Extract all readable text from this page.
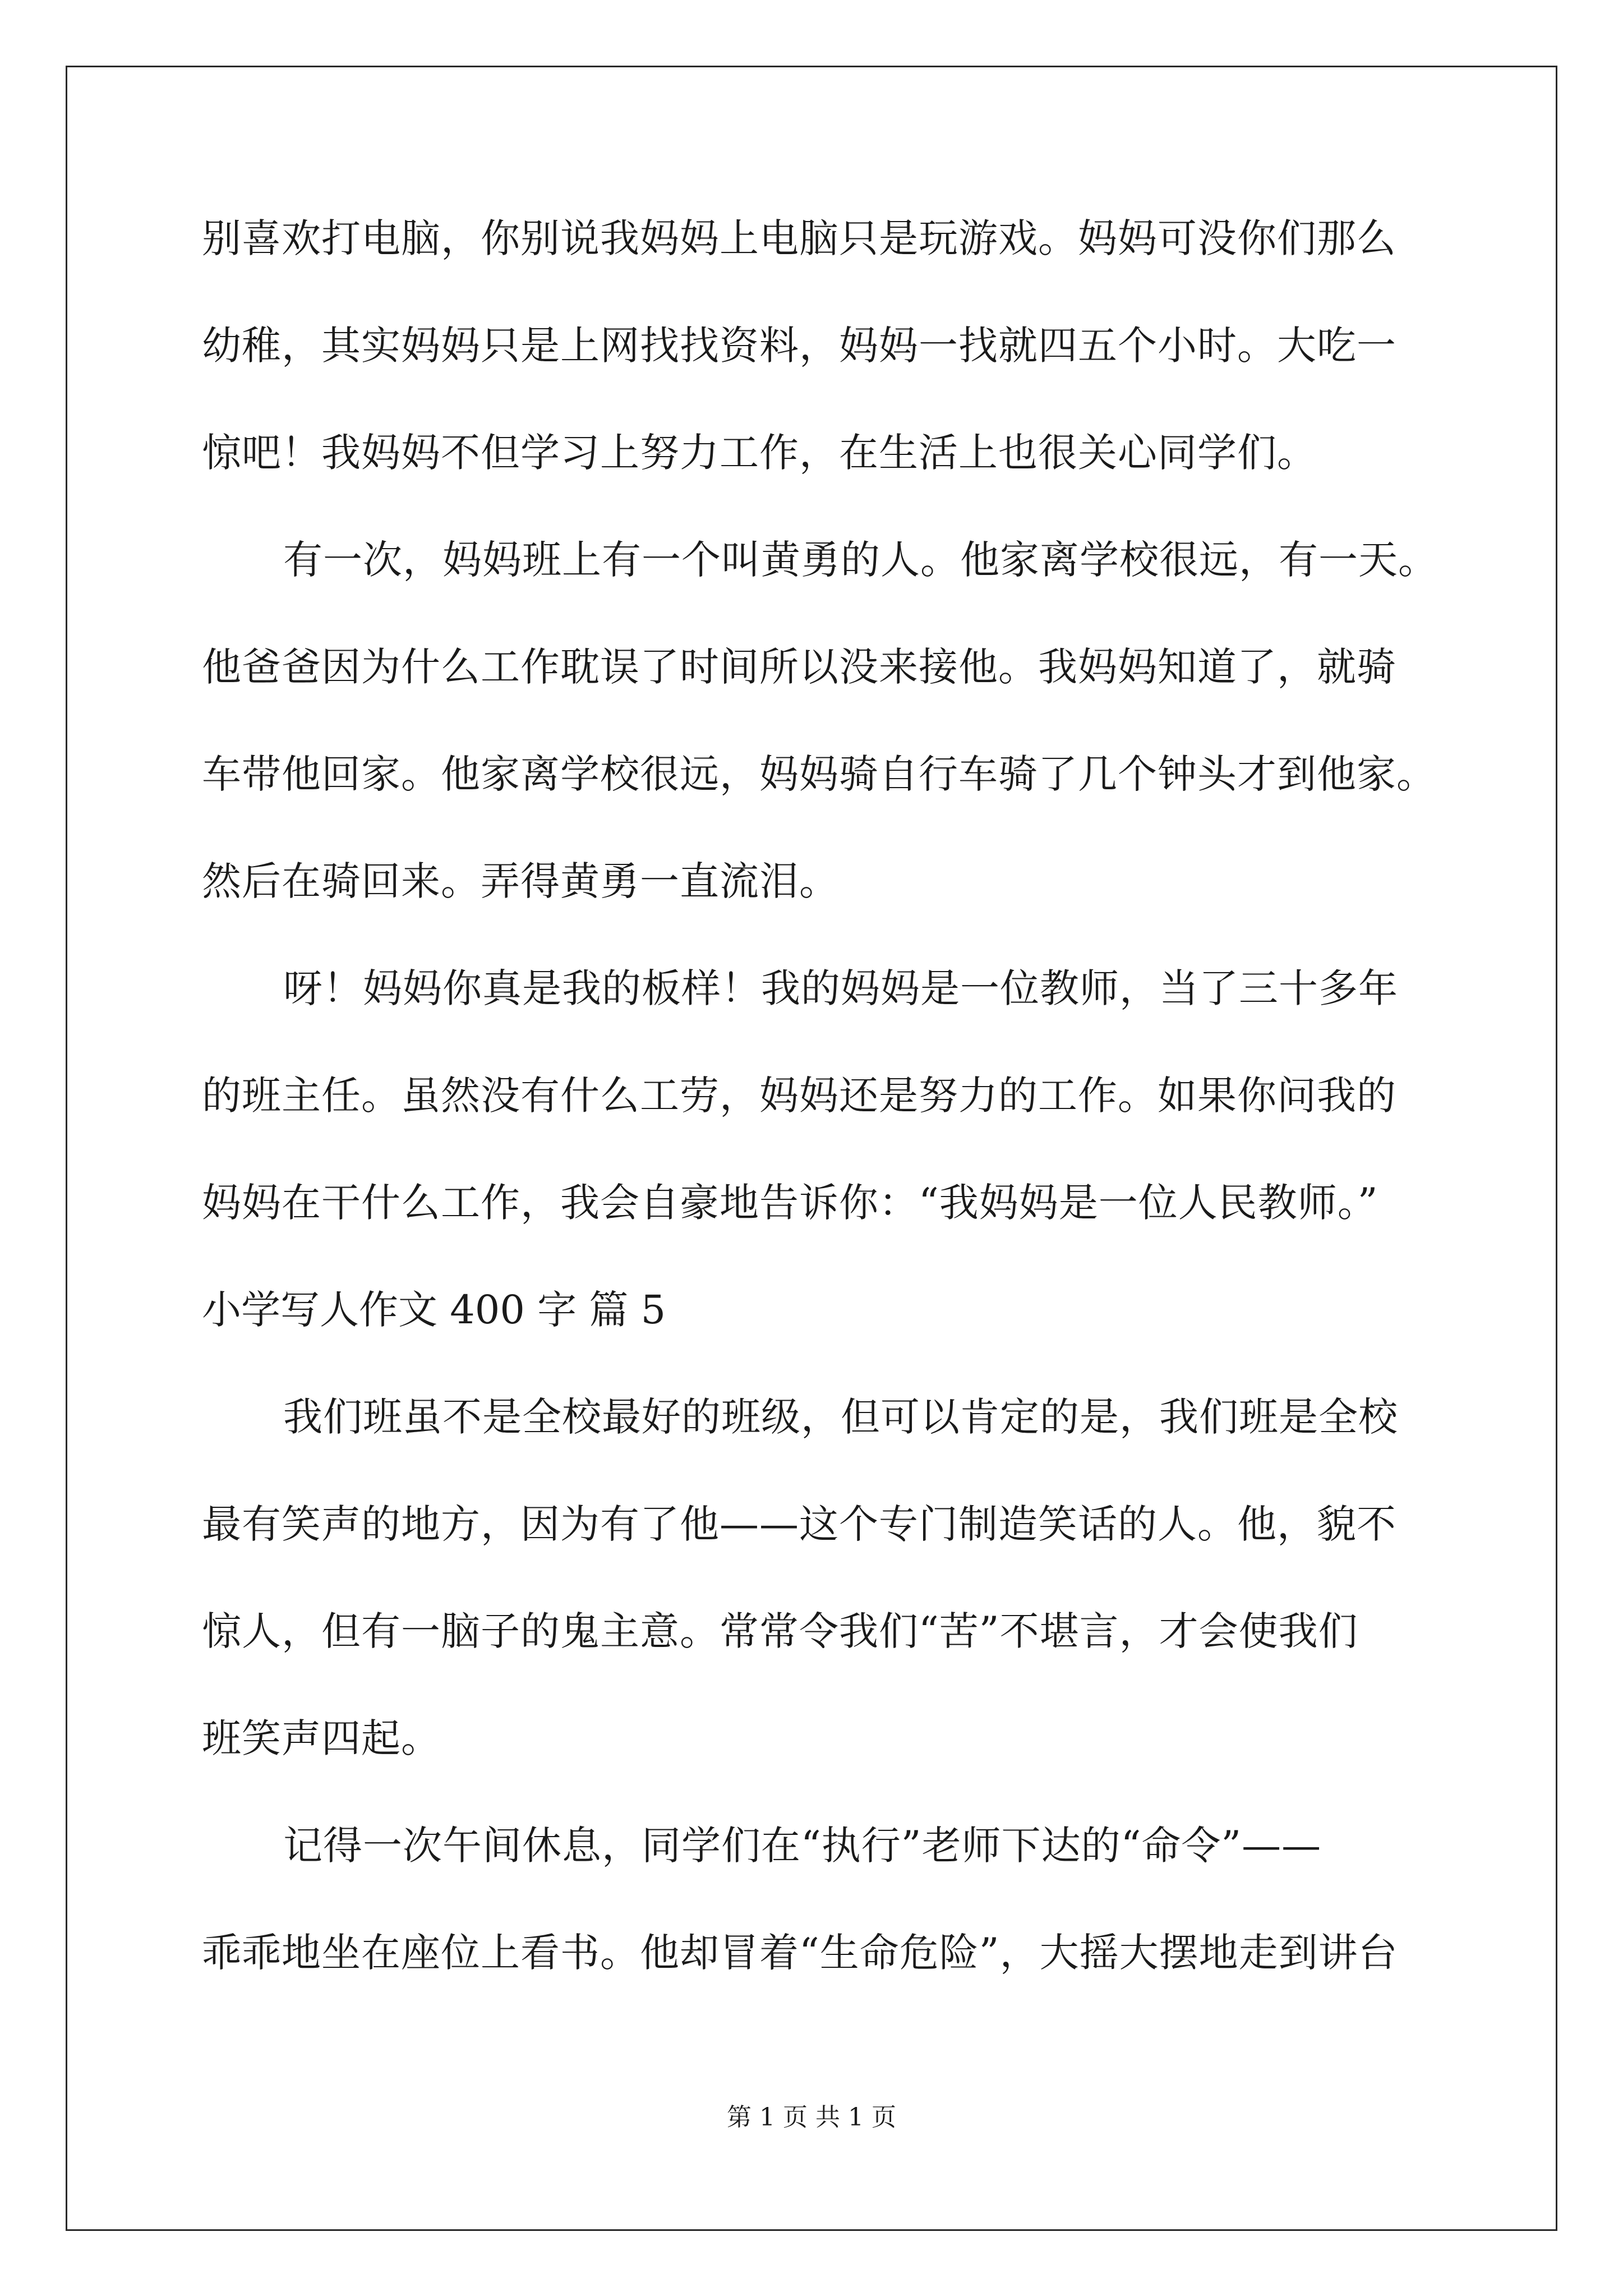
别喜欢打电脑，你别说我妈妈上电脑只是玩游戏。妈妈可没你们那么
幼稚，其实妈妈只是上网找找资料，妈妈一找就四五个小时。大吃一
惊吧！我妈妈不但学习上努力工作，在生活上也很关心同学们。
有一次，妈妈班上有一个叫黄勇的人。他家离学校很远，有一天。
他爸爸因为什么工作耽误了时间所以没来接他。我妈妈知道了，就骑
车带他回家。他家离学校很远，妈妈骑自行车骑了几个钟头才到他家。
然后在骑回来。弄得黄勇一直流泪。
呀！妈妈你真是我的板样！我的妈妈是一位教师，当了三十多年
的班主任。虽然没有什么工劳，妈妈还是努力的工作。如果你问我的
妈妈在干什么工作，我会自豪地告诉你：“我妈妈是一位人民教师。”
小学写人作文 400 字 篇 5
我们班虽不是全校最好的班级，但可以肯定的是，我们班是全校
最有笑声的地方，因为有了他——这个专门制造笑话的人。他，貌不
惊人，但有一脑子的鬼主意。常常令我们“苦”不堪言，才会使我们
班笑声四起。
记得一次午间休息，同学们在“执行”老师下达的“命令”——
乖乖地坐在座位上看书。他却冒着“生命危险”，大摇大摆地走到讲台
第 1 页 共 1 页
